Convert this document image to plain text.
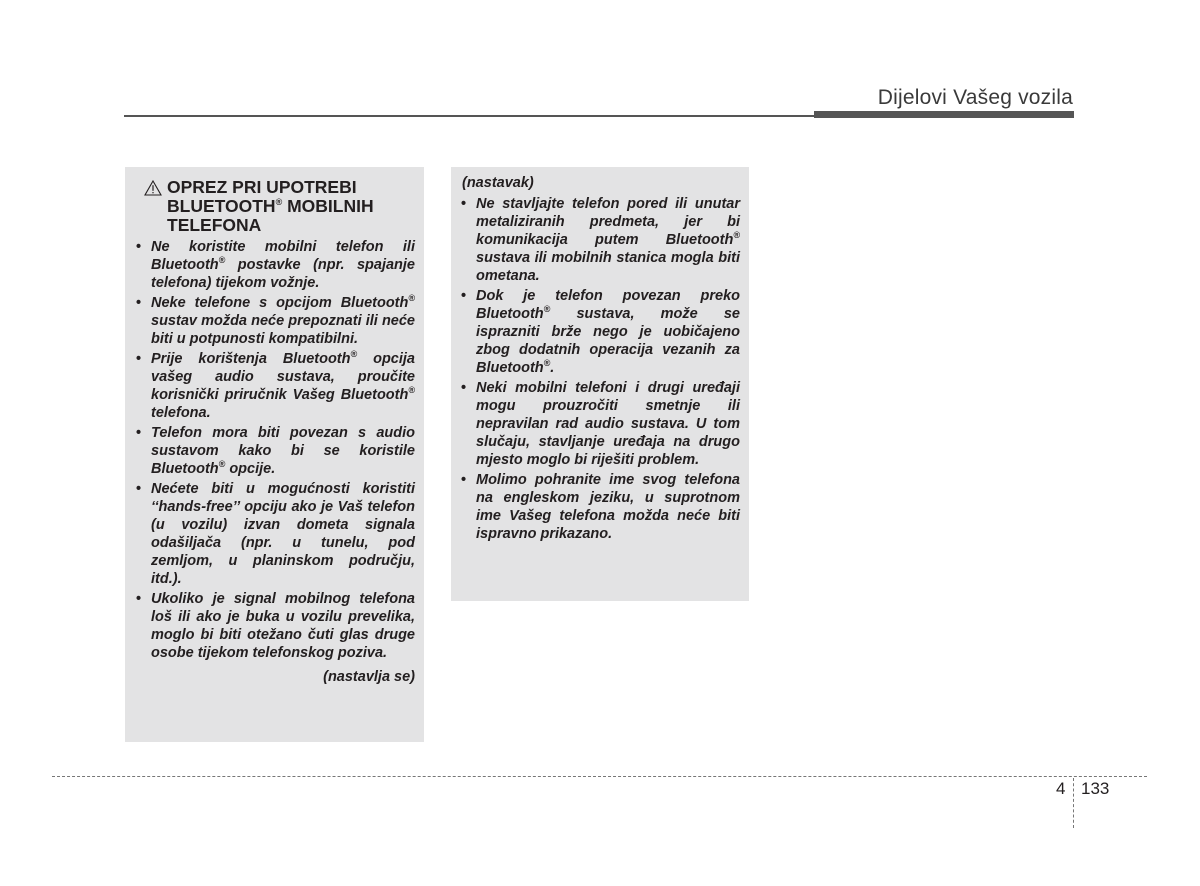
Dijelovi Vašeg vozila
OPREZ PRI UPOTREBI
BLUETOOTH® MOBILNIH
TELEFONA
• Ne koristite mobilni telefon ili Bluetooth® postavke (npr. spajanje telefona) tijekom vožnje.
• Neke telefone s opcijom Bluetooth® sustav možda neće prepoznati ili neće biti u potpunosti kompatibilni.
• Prije korištenja Bluetooth® opcija vašeg audio sustava, proučite korisnički priručnik Vašeg Bluetooth® telefona.
• Telefon mora biti povezan s audio sustavom kako bi se koristile Bluetooth® opcije.
• Nećete biti u mogućnosti koristiti ‘‘hands-free’’ opciju ako je Vaš telefon (u vozilu) izvan dometa signala odašiljača (npr. u tunelu, pod zemljom, u planinskom području, itd.).
• Ukoliko je signal mobilnog telefona loš ili ako je buka u vozilu prevelika, moglo bi biti otežano čuti glas druge osobe tijekom telefonskog poziva.
(nastavlja se)
(nastavak)
• Ne stavljajte telefon pored ili unutar metaliziranih predmeta, jer bi komunikacija putem Bluetooth® sustava ili mobilnih stanica mogla biti ometana.
• Dok je telefon povezan preko Bluetooth® sustava, može se isprazniti brže nego je uobičajeno zbog dodatnih operacija vezanih za Bluetooth®.
• Neki mobilni telefoni i drugi uređaji mogu prouzročiti smetnje ili nepravilan rad audio sustava. U tom slučaju, stavljanje uređaja na drugo mjesto moglo bi riješiti problem.
• Molimo pohranite ime svog telefona na engleskom jeziku, u suprotnom ime Vašeg telefona možda neće biti ispravno prikazano.
4 133
